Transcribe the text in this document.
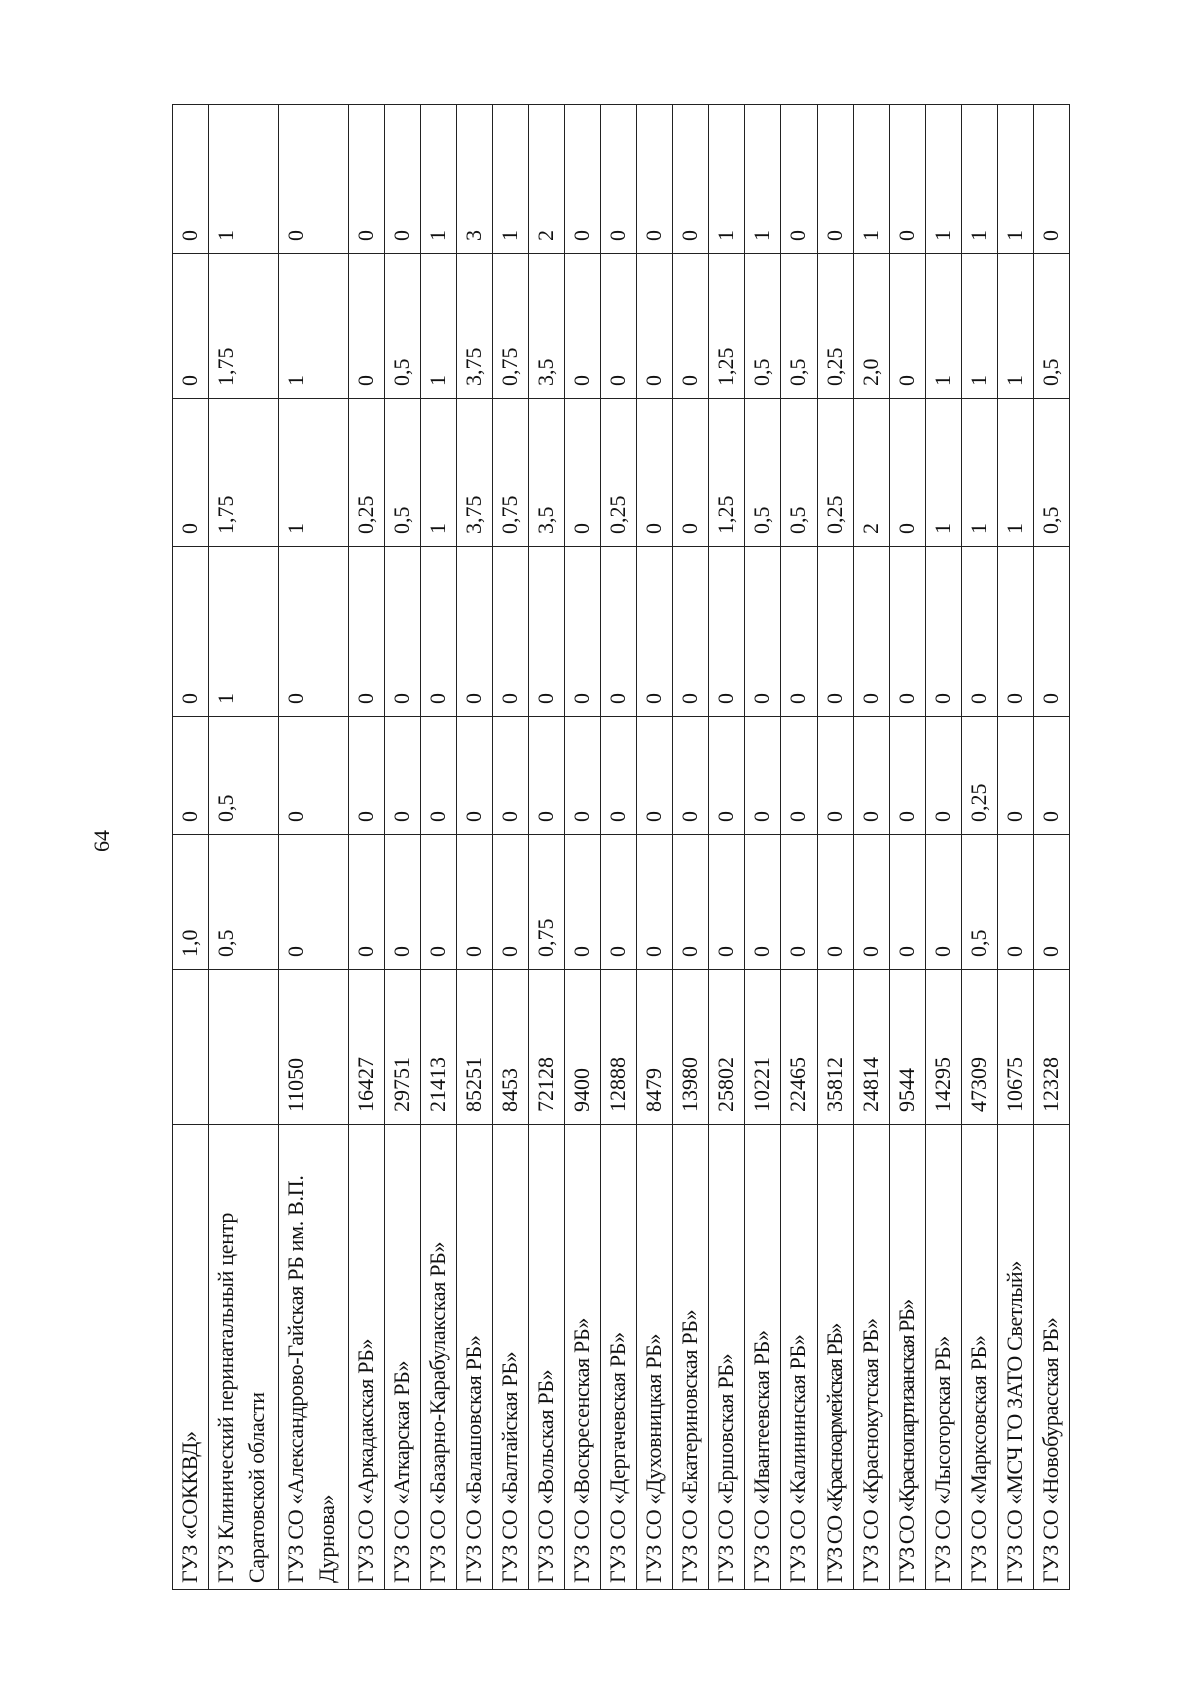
64
ГУЗ «СОККВД»		1,0	0	0	0	0	0
ГУЗ Клинический перинатальный центр Саратовской области		0,5	0,5	1	1,75	1,75	1
ГУЗ СО «Александрово-Гайская РБ им. В.П. Дурнова»	11050	0	0	0	1	1	0
ГУЗ СО «Аркадакская РБ»	16427	0	0	0	0,25	0	0
ГУЗ СО «Аткарская РБ»	29751	0	0	0	0,5	0,5	0
ГУЗ СО «Базарно-Карабулакская РБ»	21413	0	0	0	1	1	1
ГУЗ СО «Балашовская РБ»	85251	0	0	0	3,75	3,75	3
ГУЗ СО «Балтайская РБ»	8453	0	0	0	0,75	0,75	1
ГУЗ СО «Вольская РБ»	72128	0,75	0	0	3,5	3,5	2
ГУЗ СО «Воскресенская РБ»	9400	0	0	0	0	0	0
ГУЗ СО «Дергачевская РБ»	12888	0	0	0	0,25	0	0
ГУЗ СО «Духовницкая РБ»	8479	0	0	0	0	0	0
ГУЗ СО «Екатериновская РБ»	13980	0	0	0	0	0	0
ГУЗ СО «Ершовская РБ»	25802	0	0	0	1,25	1,25	1
ГУЗ СО «Ивантеевская РБ»	10221	0	0	0	0,5	0,5	1
ГУЗ СО «Калининская РБ»	22465	0	0	0	0,5	0,5	0
ГУЗ СО «Красноармейская РБ»	35812	0	0	0	0,25	0,25	0
ГУЗ СО «Краснокутская РБ»	24814	0	0	0	2	2,0	1
ГУЗ СО «Краснопартизанская РБ»	9544	0	0	0	0	0	0
ГУЗ СО «Лысогорская РБ»	14295	0	0	0	1	1	1
ГУЗ СО «Марксовская РБ»	47309	0,5	0,25	0	1	1	1
ГУЗ СО «МСЧ ГО ЗАТО Светлый»	10675	0	0	0	1	1	1
ГУЗ СО «Новобурасская РБ»	12328	0	0	0	0,5	0,5	0
